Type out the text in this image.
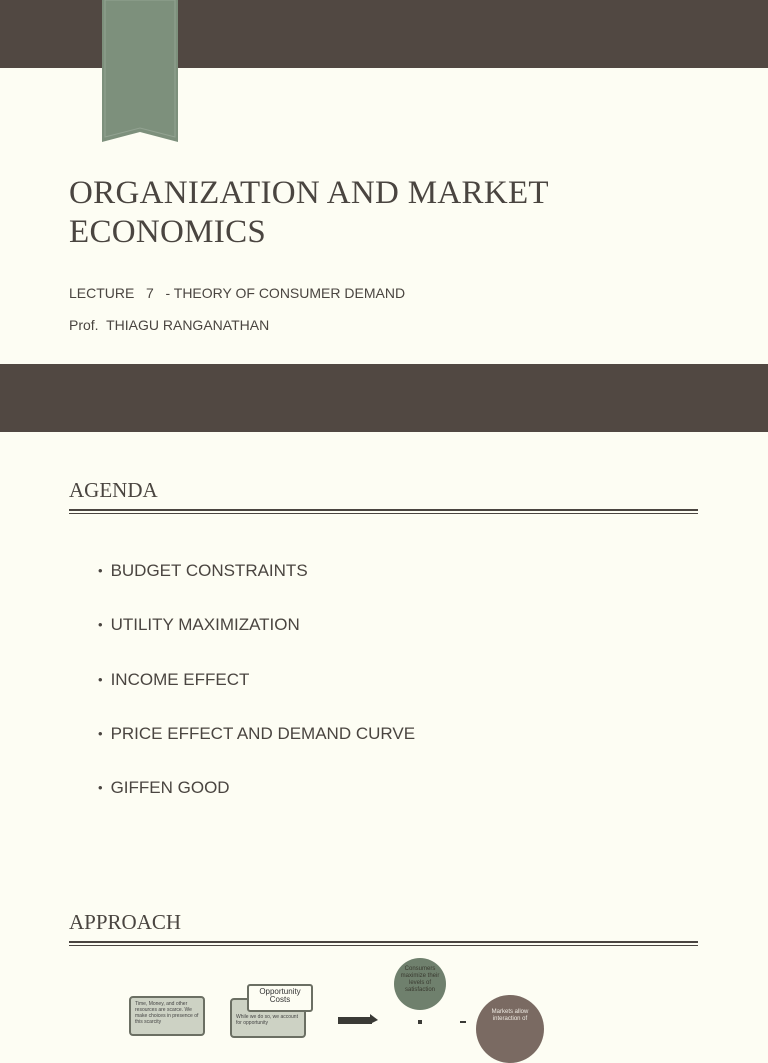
ORGANIZATION AND MARKET ECONOMICS
LECTURE   7   - THEORY OF CONSUMER DEMAND
Prof.  THIAGU RANGANATHAN
AGENDA
• BUDGET CONSTRAINTS
• UTILITY MAXIMIZATION
• INCOME EFFECT
• PRICE EFFECT AND DEMAND CURVE
• GIFFEN GOOD
APPROACH
Time, Money, and other resources are scarce. We make choices in presence of this scarcity
While we do so, we account for opportunity
Opportunity Costs
Consumers maximize their levels of satisfaction
Markets allow interaction of
